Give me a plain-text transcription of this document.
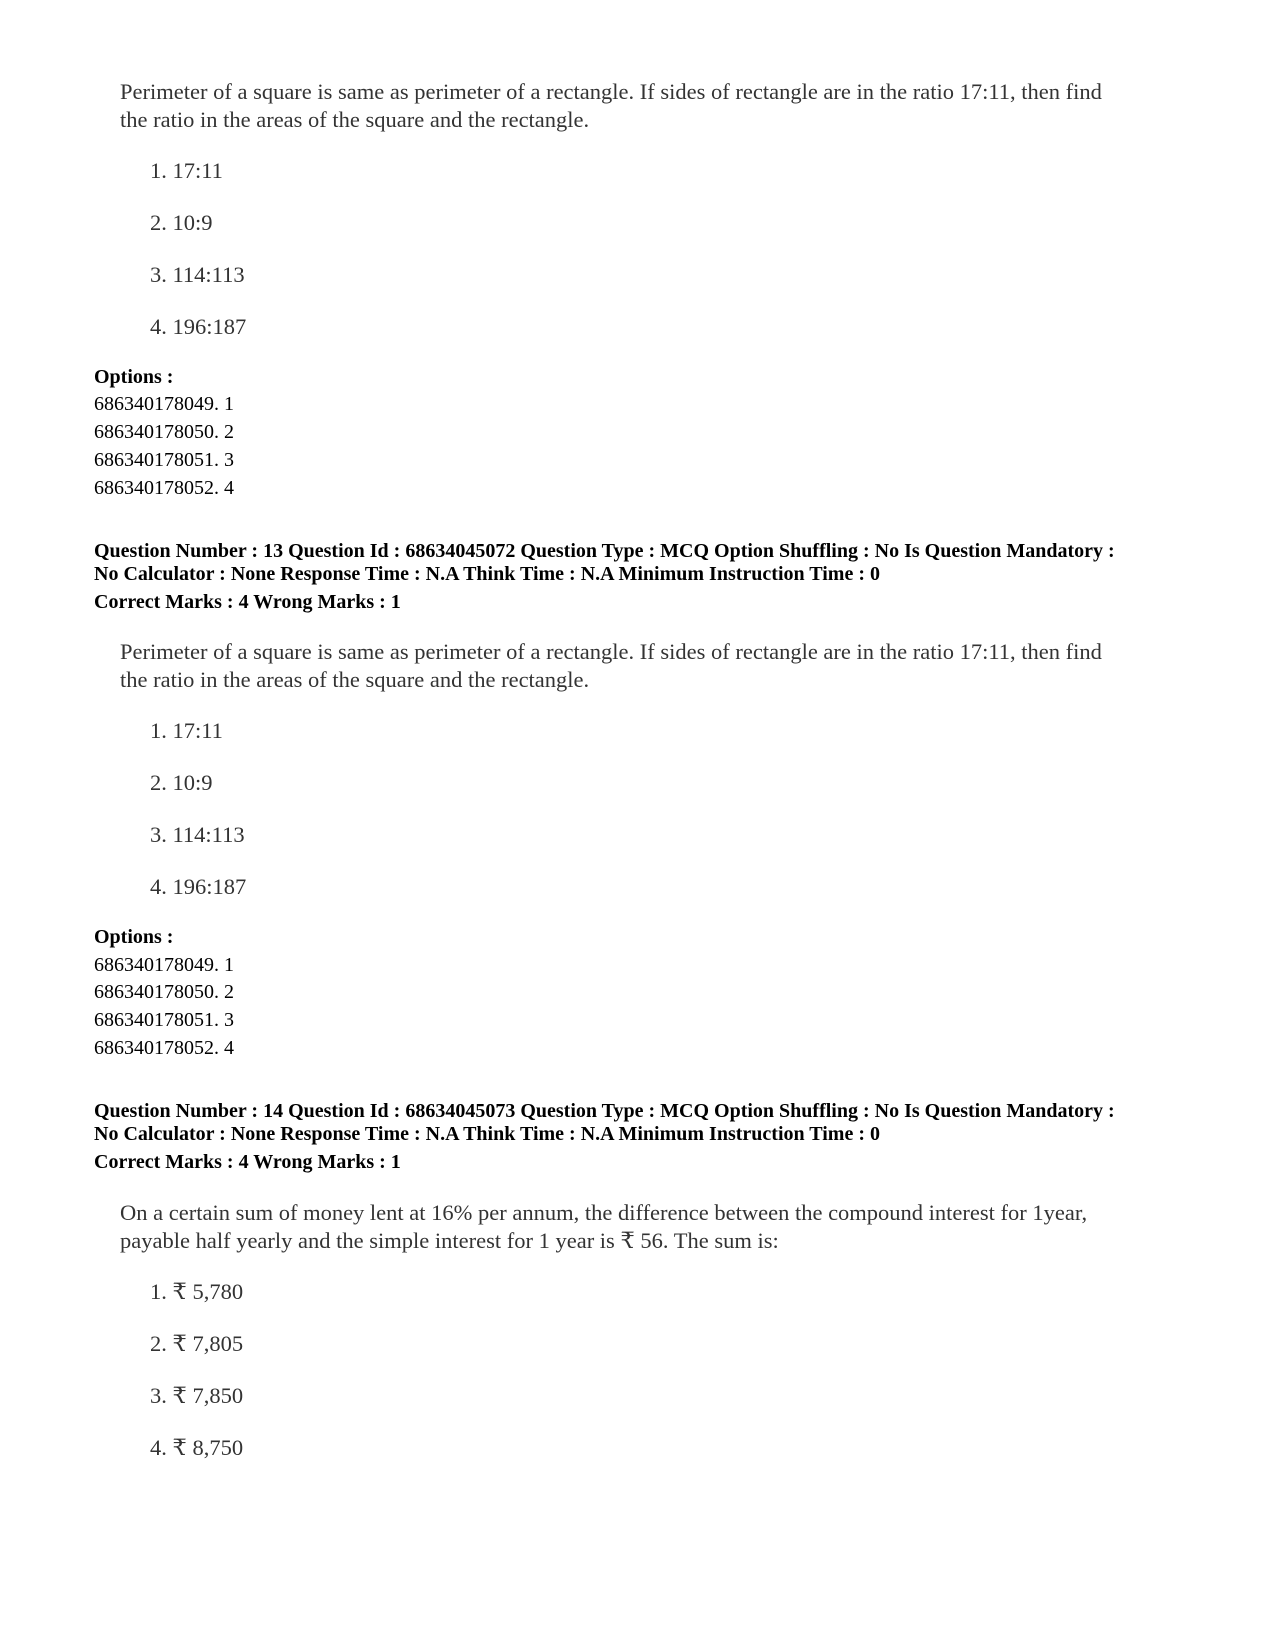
Perimeter of a square is same as perimeter of a rectangle. If sides of rectangle are in the ratio 17:11, then find
the ratio in the areas of the square and the rectangle.
1. 17:11
2. 10:9
3. 114:113
4. 196:187
Options :
686340178049. 1
686340178050. 2
686340178051. 3
686340178052. 4
Question Number : 13 Question Id : 68634045072 Question Type : MCQ Option Shuffling : No Is Question Mandatory :
No Calculator : None Response Time : N.A Think Time : N.A Minimum Instruction Time : 0
Correct Marks : 4 Wrong Marks : 1
Perimeter of a square is same as perimeter of a rectangle. If sides of rectangle are in the ratio 17:11, then find
the ratio in the areas of the square and the rectangle.
1. 17:11
2. 10:9
3. 114:113
4. 196:187
Options :
686340178049. 1
686340178050. 2
686340178051. 3
686340178052. 4
Question Number : 14 Question Id : 68634045073 Question Type : MCQ Option Shuffling : No Is Question Mandatory :
No Calculator : None Response Time : N.A Think Time : N.A Minimum Instruction Time : 0
Correct Marks : 4 Wrong Marks : 1
On a certain sum of money lent at 16% per annum, the difference between the compound interest for 1year,
payable half yearly and the simple interest for 1 year is ₹ 56. The sum is:
1. ₹ 5,780
2. ₹ 7,805
3. ₹ 7,850
4. ₹ 8,750
